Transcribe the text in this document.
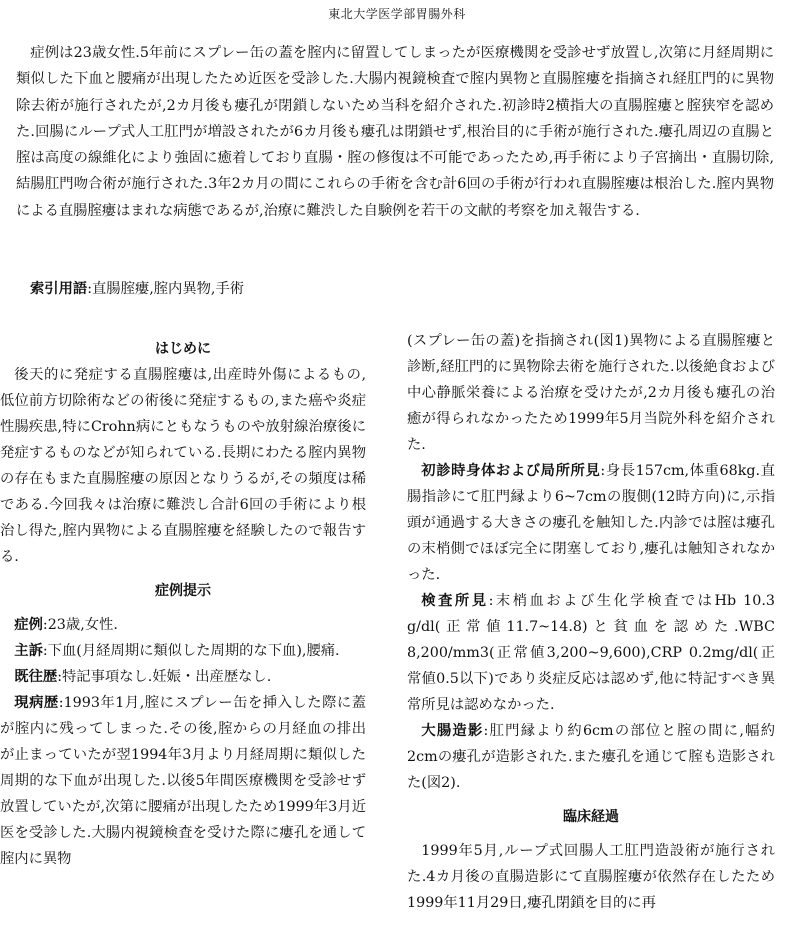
東北大学医学部胃腸外科

症例は23歳女性.5年前にスプレー缶の蓋を腟内に留置してしまったが医療機関を受診せず放置し,次第に月経周期に類似した下血と腰痛が出現したため近医を受診した.大腸内視鏡検査で腟内異物と直腸腟瘻を指摘され経肛門的に異物除去術が施行されたが,2カ月後も瘻孔が閉鎖しないため当科を紹介された.初診時2横指大の直腸腟瘻と腟狭窄を認めた.回腸にループ式人工肛門が増設されたが6カ月後も瘻孔は閉鎖せず,根治目的に手術が施行された.瘻孔周辺の直腸と腟は高度の線維化により強固に癒着しており直腸・腟の修復は不可能であったため,再手術により子宮摘出・直腸切除,結腸肛門吻合術が施行された.3年2カ月の間にこれらの手術を含む計6回の手術が行われ直腸腟瘻は根治した.腟内異物による直腸腟瘻はまれな病態であるが,治療に難渋した自験例を若干の文献的考察を加え報告する.

索引用語:直腸腟瘻,腟内異物,手術
はじめに

後天的に発症する直腸腟瘻は,出産時外傷によるもの,低位前方切除術などの術後に発症するもの,また癌や炎症性腸疾患,特にCrohn病にともなうものや放射線治療後に発症するものなどが知られている.長期にわたる腟内異物の存在もまた直腸腟瘻の原因となりうるが,その頻度は稀である.今回我々は治療に難渋し合計6回の手術により根治し得た,腟内異物による直腸腟瘻を経験したので報告する.

症例提示

症例:23歳,女性.

主訴:下血(月経周期に類似した周期的な下血),腰痛.

既往歴:特記事項なし.妊娠・出産歴なし.

現病歴:1993年1月,腟にスプレー缶を挿入した際に蓋が腟内に残ってしまった.その後,腟からの月経血の排出が止まっていたが翌1994年3月より月経周期に類似した周期的な下血が出現した.以後5年間医療機関を受診せず放置していたが,次第に腰痛が出現したため1999年3月近医を受診した.大腸内視鏡検査を受けた際に瘻孔を通して腟内に異物

(スプレー缶の蓋)を指摘され(図1)異物による直腸腟瘻と診断,経肛門的に異物除去術を施行された.以後絶食および中心静脈栄養による治療を受けたが,2カ月後も瘻孔の治癒が得られなかったため1999年5月当院外科を紹介された.

初診時身体および局所所見:身長157cm,体重68kg.直腸指診にて肛門縁より6~7cmの腹側(12時方向)に,示指頭が通過する大きさの瘻孔を触知した.内診では腟は瘻孔の末梢側でほぼ完全に閉塞しており,瘻孔は触知されなかった.

検査所見:末梢血および生化学検査ではHb 10.3 g/dl(正常値11.7~14.8)と貧血を認めた.WBC 8,200/mm3(正常値3,200~9,600),CRP 0.2mg/dl(正常値0.5以下)であり炎症反応は認めず,他に特記すべき異常所見は認めなかった.

大腸造影:肛門縁より約6cmの部位と腟の間に,幅約2cmの瘻孔が造影された.また瘻孔を通じて腟も造影された(図2).

臨床経過

1999年5月,ループ式回腸人工肛門造設術が施行された.4カ月後の直腸造影にて直腸腟瘻が依然存在したため1999年11月29日,瘻孔閉鎖を目的に再
